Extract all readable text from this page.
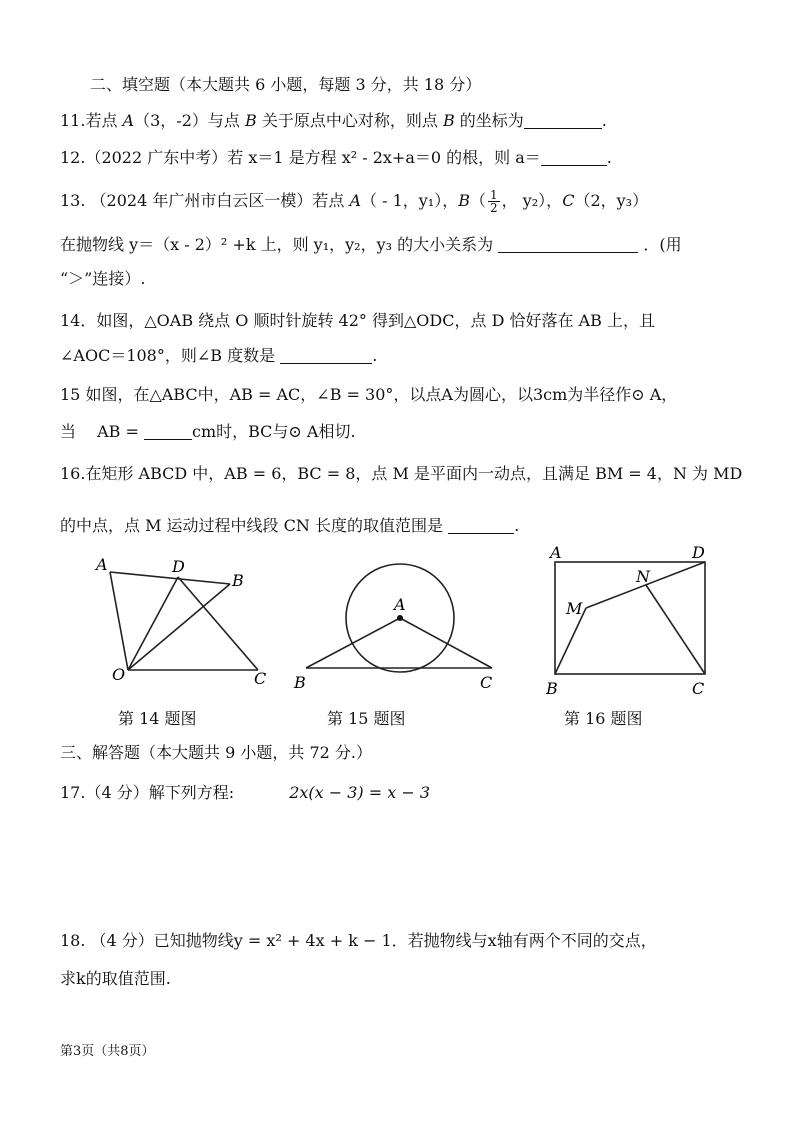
二、填空题（本大题共 6 小题，每题 3 分，共 18 分）
11.若点 A（3，-2）与点 B 关于原点中心对称，则点 B 的坐标为	.
12.（2022 广东中考）若 x＝1 是方程 x² - 2x+a＝0 的根，则 a＝	.
13. （2024 年广州市白云区一模）若点 A（ - 1，y₁），$B( \frac{1}{2}$ ， y₂），C（2，y₃）
在抛物线 y＝（x - 2）² +k 上，则 y₁，y₂，y₃ 的大小关系为	．(用
“＞”连接）.
14．如图，△OAB 绕点 O 顺时针旋转 42° 得到△ODC，点 D 恰好落在 AB 上，且
∠AOC＝108°，则∠B 度数是	.
15 如图，在△ABC中，AB = AC，∠B = 30°，以点A为圆心，以3cm为半径作⊙ A，
当　 AB =	cm时，BC与⊙ A相切.
16.在矩形 ABCD 中，AB = 6，BC = 8，点 M 是平面内一动点，且满足 BM = 4，N 为 MD
的中点，点 M 运动过程中线段 CN 长度的取值范围是	.
A	D
B
O	C
第 14 题图
A
B	C
第 15 题图
A	D
N
M
B	C
第 16 题图
三、解答题（本大题共 9 小题，共 72 分.）
17.（4 分）解下列方程:	2x(x − 3) = x − 3
18. （4 分）已知抛物线y = x² + 4x + k − 1．若抛物线与x轴有两个不同的交点，
求k的取值范围.
第3页（共8页）
